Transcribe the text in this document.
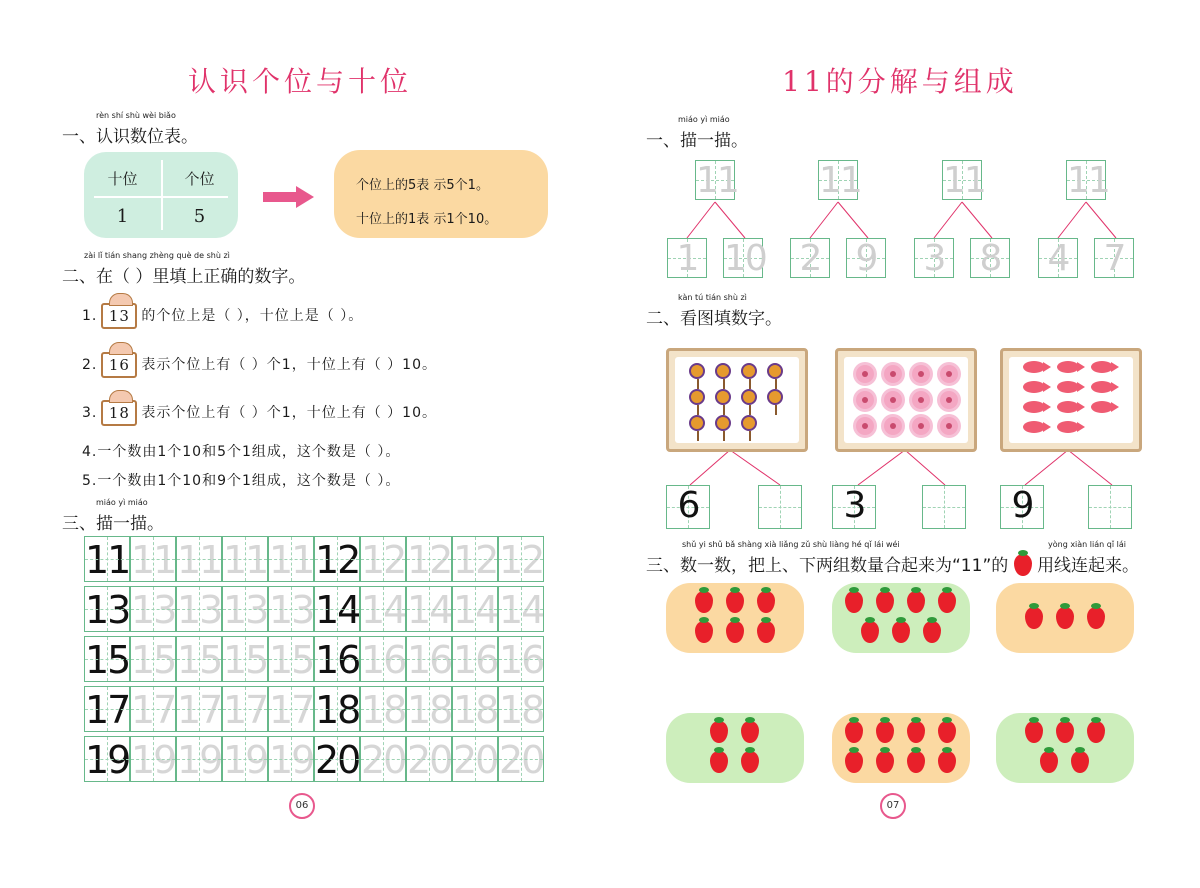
认识个位与十位
rèn shí shù wèi biǎo
一、认识数位表。
十位	个位
1	5
个位上的5表 示5个1。
十位上的1表 示1个10。
zài lǐ tián shang zhèng què de shù zì
二、在（ ）里填上正确的数字。
1. 13 的个位上是（ ），十位上是（ ）。
2. 16 表示个位上有（ ）个1，十位上有（ ）10。
3. 18 表示个位上有（ ）个1，十位上有（ ）10。
4.一个数由1个10和5个1组成，这个数是（ ）。
5.一个数由1个10和9个1组成，这个数是（ ）。
miáo yì miáo
三、描一描。
11 11 11 11 11 12 12 12 12 12
13 13 13 13 13 14 14 14 14 14
15 15 15 15 15 16 16 16 16 16
17 17 17 17 17 18 18 18 18 18
19 19 19 19 19 20 20 20 20 20
06
11的分解与组成
miáo yì miáo
一、描一描。
11
1 10
11
2 9
11
3 8
11
4 7
kàn tú tián shù zì
二、看图填数字。
6	3	9
shǔ yi shǔ bǎ shàng xià liǎng zǔ shù liàng hé qǐ lái wéi
三、数一数，把上、下两组数量合起来为“11”的
yòng xiàn lián qǐ lái
用线连起来。
07
